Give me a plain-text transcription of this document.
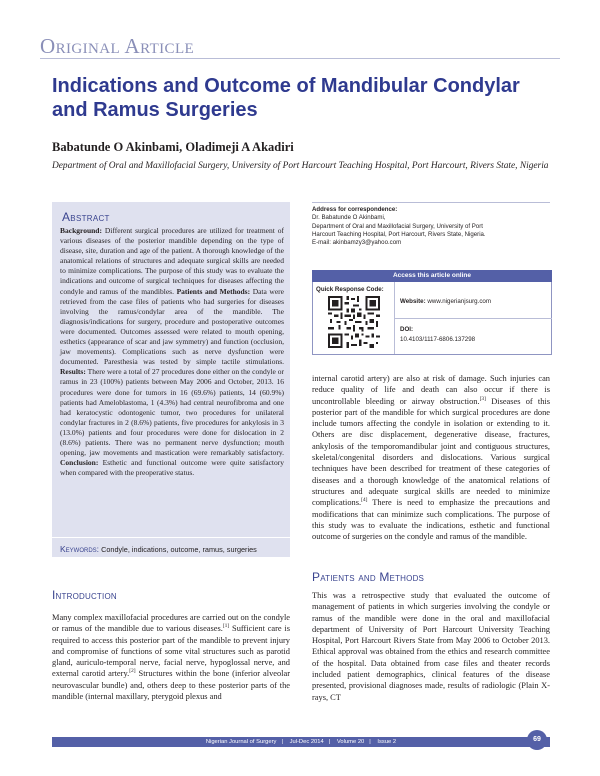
Original Article
Indications and Outcome of Mandibular Condylar and Ramus Surgeries
Babatunde O Akinbami, Oladimeji A Akadiri
Department of Oral and Maxillofacial Surgery, University of Port Harcourt Teaching Hospital, Port Harcourt, Rivers State, Nigeria
Abstract
Background: Different surgical procedures are utilized for treatment of various diseases of the posterior mandible depending on the type of disease, site, duration and age of the patient. A thorough knowledge of the anatomical relations of structures and adequate surgical skills are needed to minimize complications. The purpose of this study was to evaluate the indications and outcome of surgical techniques for diseases affecting the condyle and ramus of the mandibles. Patients and Methods: Data were retrieved from the case files of patients who had surgeries for diseases involving the ramus/condylar area of the mandible. The diagnosis/indications for surgery, procedure and postoperative outcomes were documented. Outcomes assessed were related to mouth opening, esthetics (appearance of scar and jaw symmetry) and function (occlusion, jaw movements). Complications such as nerve dysfunction were documented. Paresthesia was tested by simple tactile stimulations. Results: There were a total of 27 procedures done either on the condyle or ramus in 23 (100%) patients between May 2006 and October, 2013. 16 procedures were done for tumors in 16 (69.6%) patients, 14 (60.9%) patients had Ameloblastoma, 1 (4.3%) had central neurofibroma and one had keratocystic odontogenic tumor, two procedures for unilateral condylar fractures in 2 (8.6%) patients, five procedures for ankylosis in 3 (13.0%) patients and four procedures were done for dislocation in 2 (8.6%) patients. There was no permanent nerve dysfunction; mouth opening, jaw movements and mastication were remarkably satisfactory. Conclusion: Esthetic and functional outcome were quite satisfactory when compared with the preoperative status.
Keywords: Condyle, indications, outcome, ramus, surgeries
Address for correspondence:
Dr. Babatunde O Akinbami,
Department of Oral and Maxillofacial Surgery, University of Port
Harcourt Teaching Hospital, Port Harcourt, Rivers State, Nigeria.
E-mail: akinbamzy3@yahoo.com
Access this article online
Quick Response Code:
Website: www.nigerianjsurg.com
DOI:
10.4103/1117-6806.137298
internal carotid artery) are also at risk of damage. Such injuries can reduce quality of life and death can also occur if there is uncontrollable bleeding or airway obstruction.[3] Diseases of this posterior part of the mandible for which surgical procedures are done include tumors affecting the condyle in isolation or extending to it. Others are disc displacement, degenerative disease, fractures, ankylosis of the temporomandibular joint and contiguous structures, skeletal/congenital disorders and dislocations. Various surgical techniques have been described for treatment of these categories of diseases and a thorough knowledge of the anatomical relations of structures and adequate surgical skills are needed to minimize complications.[4] There is need to emphasize the precautions and modifications that can minimize such complications. The purpose of this study was to evaluate the indications, esthetic and functional outcome of surgeries on the condyle and ramus of the mandible.
Patients and Methods
This was a retrospective study that evaluated the outcome of management of patients in which surgeries involving the condyle or ramus of the mandible were done in the oral and maxillofacial department of University of Port Harcourt University Teaching Hospital, Port Harcourt Rivers State from May 2006 to October 2013. Ethical approval was obtained from the ethics and research committee of the hospital. Data obtained from case files and theater records included patient demographics, clinical features of the disease presented, provisional diagnoses made, results of radiologic (Plain X-rays, CT
Introduction
Many complex maxillofacial procedures are carried out on the condyle or ramus of the mandible due to various diseases.[1] Sufficient care is required to access this posterior part of the mandible to prevent injury and compromise of functions of some vital structures such as parotid gland, auriculo-temporal nerve, facial nerve, hypoglossal nerve, and external carotid artery.[2] Structures within the bone (inferior alveolar neurovascular bundle) and, others deep to these posterior parts of the mandible (internal maxillary, pterygoid plexus and
Nigerian Journal of Surgery | Jul-Dec 2014 | Volume 20 | Issue 2	69
